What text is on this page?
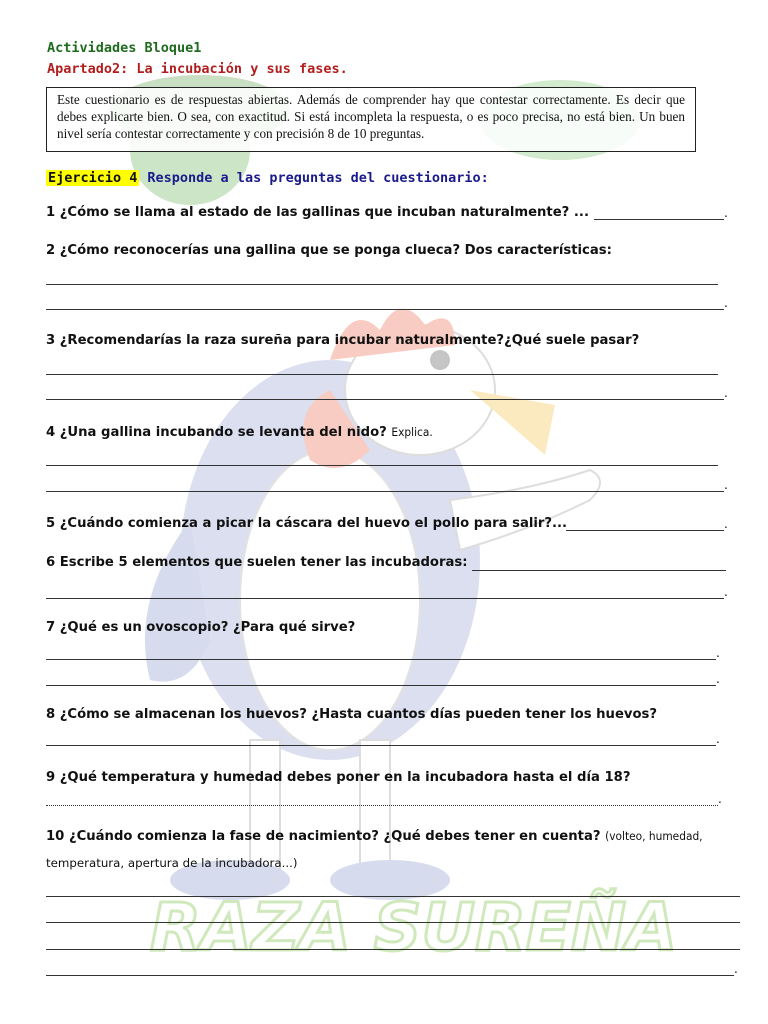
RAZA SUREÑA
Actividades Bloque1
Apartado2: La incubación y sus fases.

Este cuestionario es de respuestas abiertas. Además de comprender hay que contestar correctamente. Es decir que debes explicarte bien. O sea, con exactitud. Si está incompleta la respuesta, o es poco precisa, no está bien. Un buen nivel sería contestar correctamente y con precisión 8 de 10 preguntas.

Ejercicio 4 Responde a las preguntas del cuestionario:
1 ¿Cómo se llama al estado de las gallinas que incuban naturalmente? ...	.
2 ¿Cómo reconocerías una gallina que se ponga clueca? Dos características:
.
3 ¿Recomendarías la raza sureña para incubar naturalmente?¿Qué suele pasar?
.
4 ¿Una gallina incubando se levanta del nido? Explica.
.
5 ¿Cuándo comienza a picar la cáscara del huevo el pollo para salir?...	.
6 Escribe 5 elementos que suelen tener las incubadoras:
.
7 ¿Qué es un ovoscopio? ¿Para qué sirve?
.
.
8 ¿Cómo se almacenan los huevos? ¿Hasta cuantos días pueden tener los huevos?
.
9 ¿Qué temperatura y humedad debes poner en la incubadora hasta el día 18?
.
10 ¿Cuándo comienza la fase de nacimiento? ¿Qué debes tener en cuenta? (volteo, humedad,
temperatura, apertura de la incubadora...)
.
